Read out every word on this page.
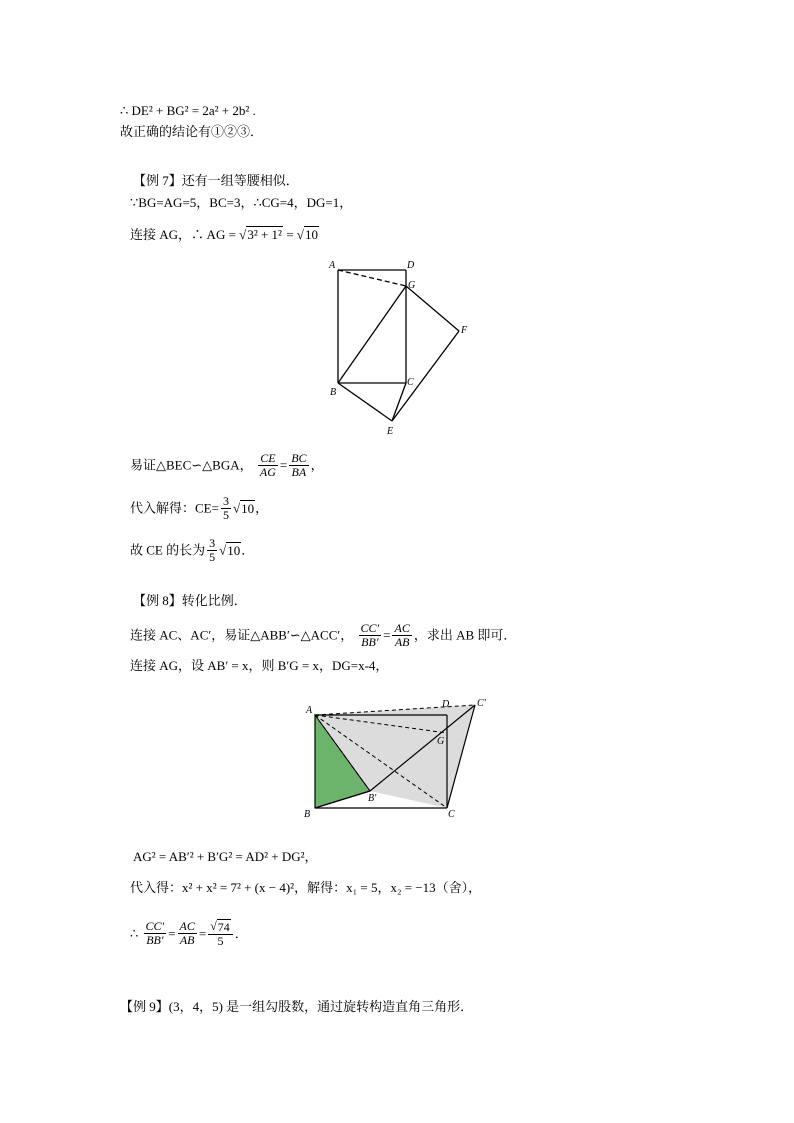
∴ DE² + BG² = 2a² + 2b² .
故正确的结论有①②③．
【例 7】还有一组等腰相似．
∵BG=AG=5，BC=3，∴CG=4，DG=1，
连接 AG，∴ AG = √3² + 1² = √10
A	D
G
F
B
C
E
易证△BEC∽△BGA， $\frac{CE}{AG} = \frac{BC}{BA}$ ，
代入解得：$CE= \frac{3}{5} √10$，
故 CE 的长为 $\frac{3}{5} √10$．
【例 8】转化比例．
连接 AC、AC′，易证△ABB′∽△ACC′， $\frac{CC'}{BB'} = \frac{AC}{AB}$ ，求出 AB 即可．
连接 AG，设 AB′ = x，则 B′G = x，DG=x-4，
A
D	C′
G
B′
B	C
AG² = AB′² + B′G² = AD² + DG²，
代入得：x² + x² = 7² + (x − 4)²，解得：x₁ = 5，x₂ = −13（舍），
∴ $\frac{CC'}{BB'} = \frac{AC}{AB} = \frac{√74}{5}$ ．
【例 9】(3，4，5) 是一组勾股数，通过旋转构造直角三角形．
